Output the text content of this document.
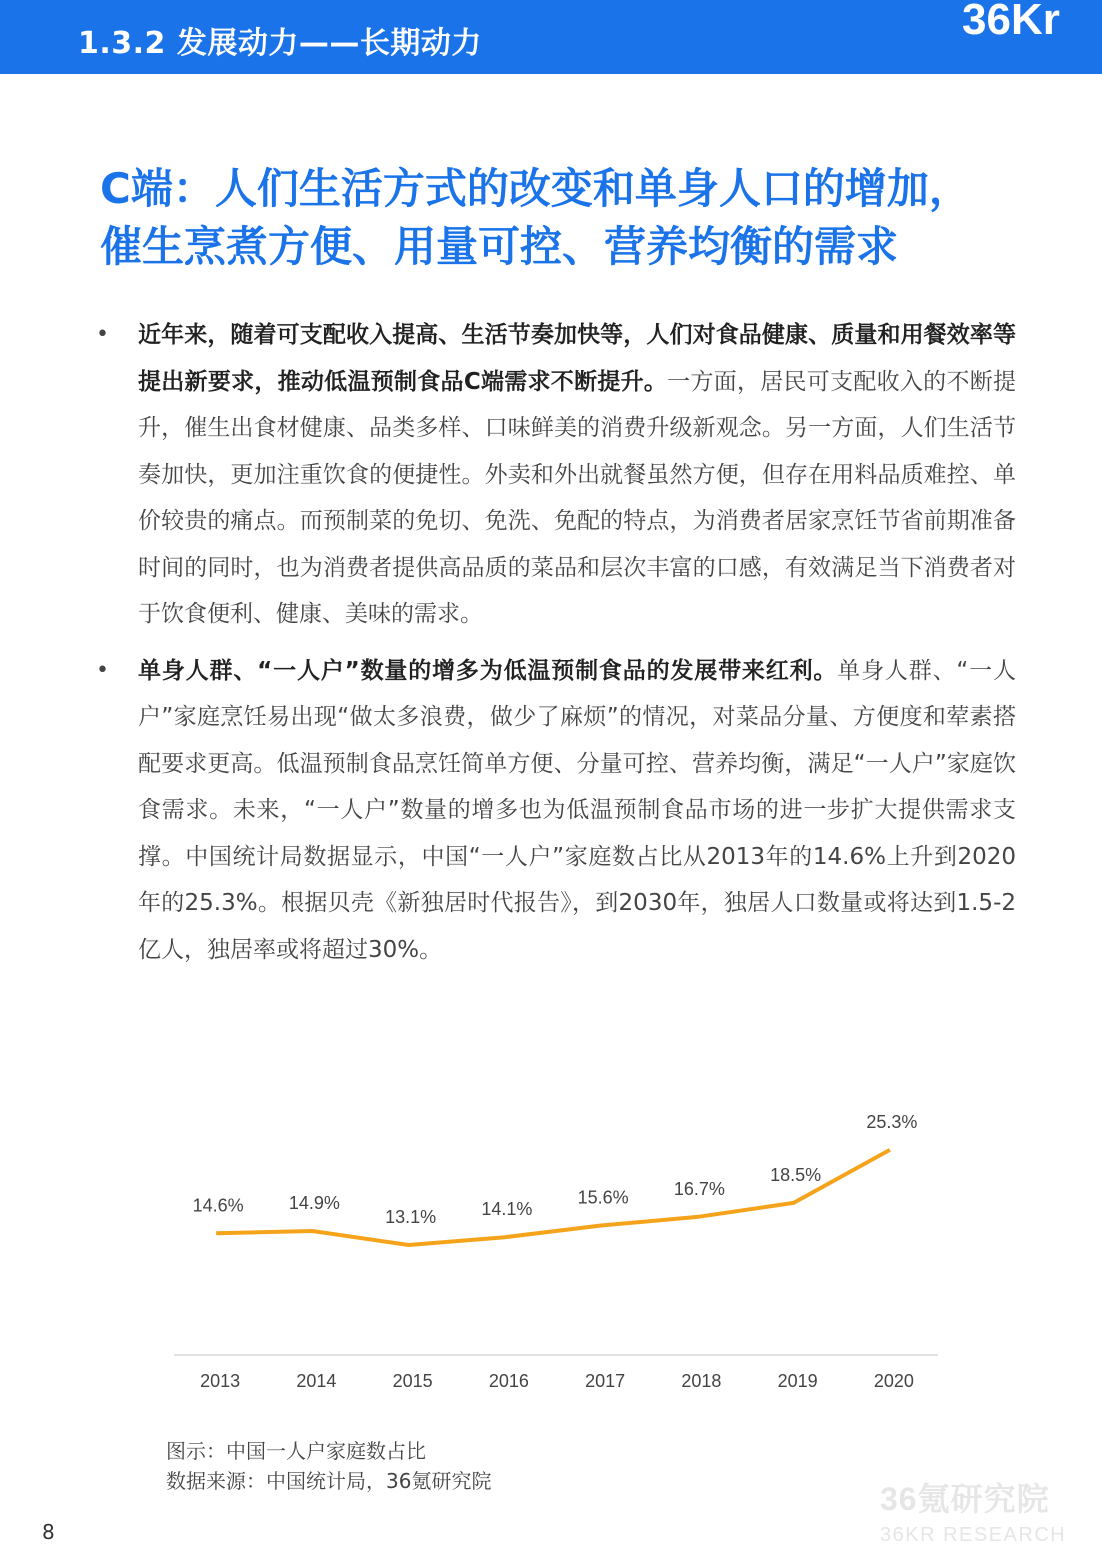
1.3.2 发展动力——长期动力	36Kr
C端：人们生活方式的改变和单身人口的增加，
催生烹煮方便、用量可控、营养均衡的需求
• 近年来，随着可支配收入提高、生活节奏加快等，人们对食品健康、质量和用餐效率等提出新要求，推动低温预制食品C端需求不断提升。一方面，居民可支配收入的不断提升，催生出食材健康、品类多样、口味鲜美的消费升级新观念。另一方面，人们生活节奏加快，更加注重饮食的便捷性。外卖和外出就餐虽然方便，但存在用料品质难控、单价较贵的痛点。而预制菜的免切、免洗、免配的特点，为消费者居家烹饪节省前期准备时间的同时，也为消费者提供高品质的菜品和层次丰富的口感，有效满足当下消费者对于饮食便利、健康、美味的需求。
• 单身人群、“一人户”数量的增多为低温预制食品的发展带来红利。单身人群、“一人户”家庭烹饪易出现“做太多浪费，做少了麻烦”的情况，对菜品分量、方便度和荤素搭配要求更高。低温预制食品烹饪简单方便、分量可控、营养均衡，满足“一人户”家庭饮食需求。未来，“一人户”数量的增多也为低温预制食品市场的进一步扩大提供需求支撑。中国统计局数据显示，中国“一人户”家庭数占比从2013年的14.6%上升到2020年的25.3%。根据贝壳《新独居时代报告》，到2030年，独居人口数量或将达到1.5-2亿人，独居率或将超过30%。
14.6%
2013
14.9%
2014
13.1%
2015
14.1%
2016
15.6%
2017
16.7%
2018
18.5%
2019
25.3%
2020
图示：中国一人户家庭数占比
数据来源：中国统计局，36氪研究院	36氪研究院
36KR RESEARCH
8
